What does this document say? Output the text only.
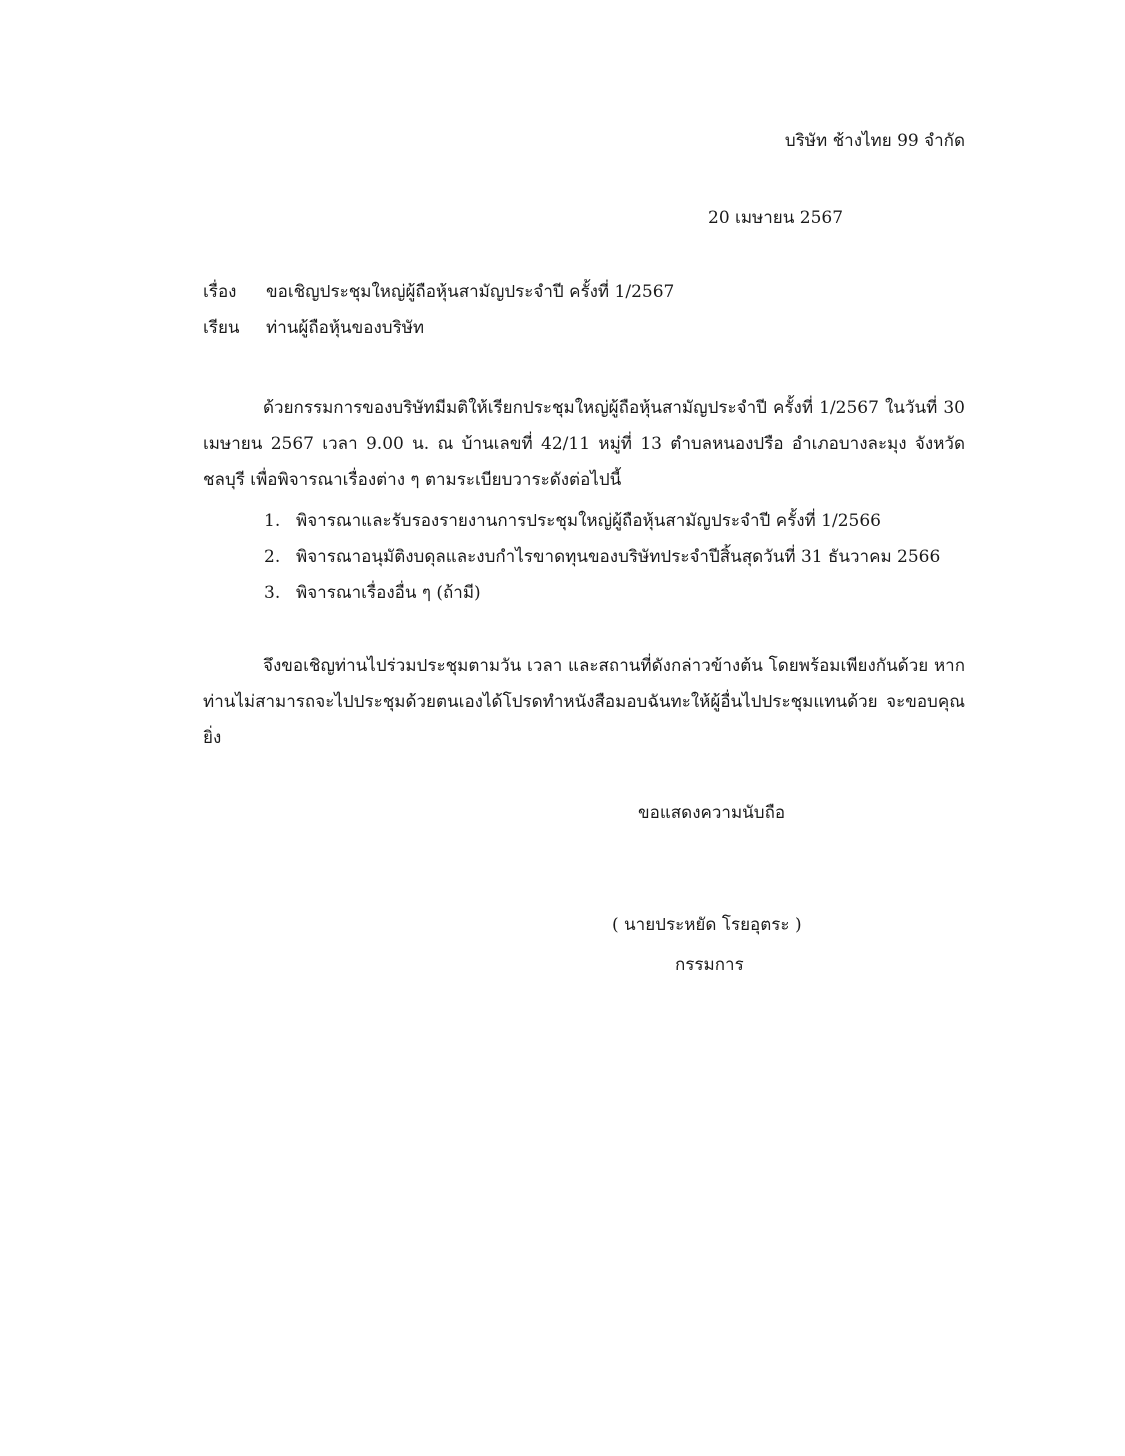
บริษัท ช้างไทย 99 จำกัด
20 เมษายน 2567
เรื่อง ขอเชิญประชุมใหญ่ผู้ถือหุ้นสามัญประจำปี ครั้งที่ 1/2567
เรียน ท่านผู้ถือหุ้นของบริษัท
ด้วยกรรมการของบริษัทมีมติให้เรียกประชุมใหญ่ผู้ถือหุ้นสามัญประจำปี ครั้งที่ 1/2567 ในวันที่ 30 เมษายน 2567 เวลา 9.00 น. ณ บ้านเลขที่ 42/11 หมู่ที่ 13 ตำบลหนองปรือ อำเภอบางละมุง จังหวัดชลบุรี เพื่อพิจารณาเรื่องต่าง ๆ ตามระเบียบวาระดังต่อไปนี้
1. พิจารณาและรับรองรายงานการประชุมใหญ่ผู้ถือหุ้นสามัญประจำปี ครั้งที่ 1/2566
2. พิจารณาอนุมัติงบดุลและงบกำไรขาดทุนของบริษัทประจำปีสิ้นสุดวันที่ 31 ธันวาคม 2566
3. พิจารณาเรื่องอื่น ๆ (ถ้ามี)
จึงขอเชิญท่านไปร่วมประชุมตามวัน เวลา และสถานที่ดังกล่าวข้างต้น โดยพร้อมเพียงกันด้วย หากท่านไม่สามารถจะไปประชุมด้วยตนเองได้โปรดทำหนังสือมอบฉันทะให้ผู้อื่นไปประชุมแทนด้วย จะขอบคุณยิ่ง
ขอแสดงความนับถือ
( นายประหยัด โรยอุตระ )
กรรมการ
